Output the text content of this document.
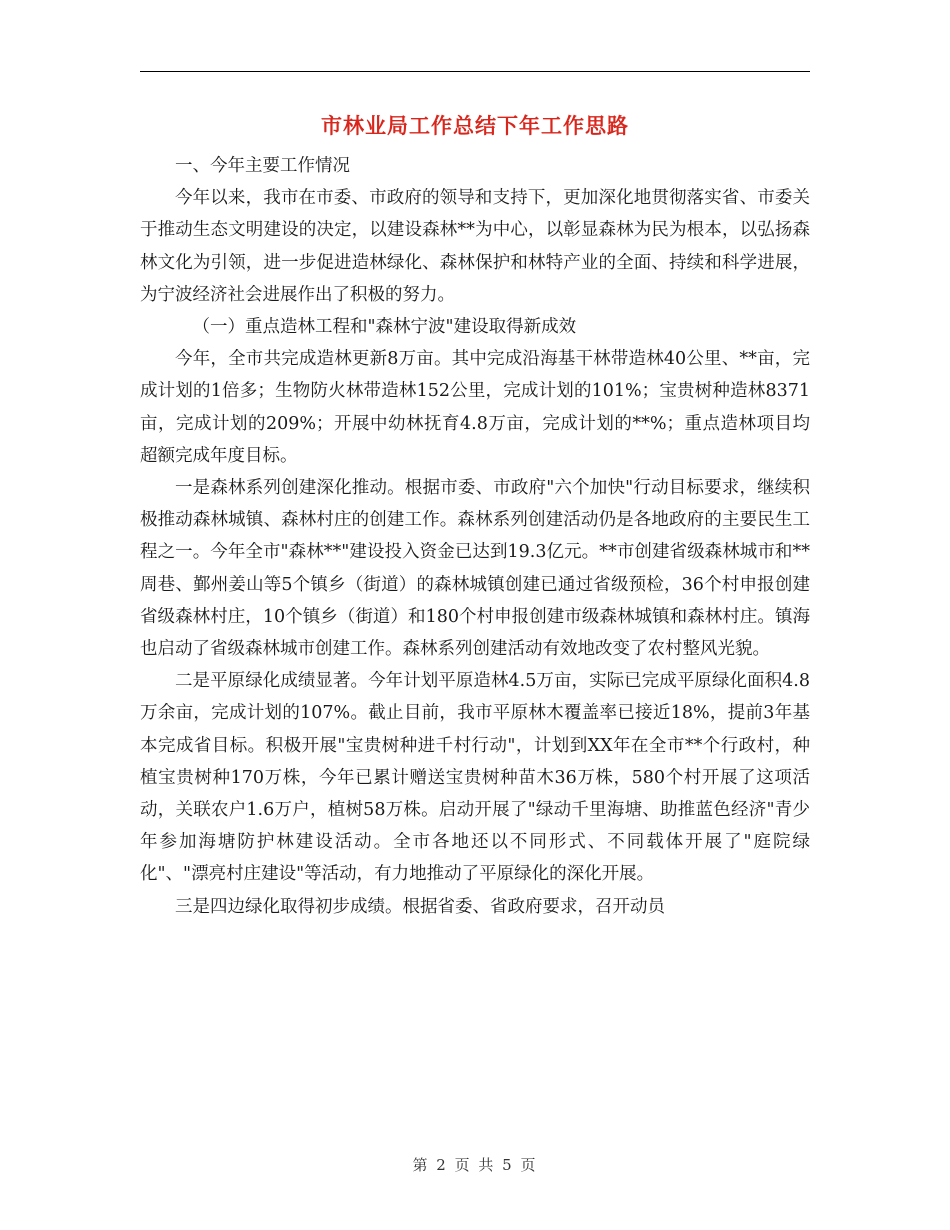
市林业局工作总结下年工作思路

一、今年主要工作情况

今年以来，我市在市委、市政府的领导和支持下，更加深化地贯彻落实省、市委关于推动生态文明建设的决定，以建设森林**为中心，以彰显森林为民为根本，以弘扬森林文化为引领，进一步促进造林绿化、森林保护和林特产业的全面、持续和科学进展，为宁波经济社会进展作出了积极的努力。

（一）重点造林工程和"森林宁波"建设取得新成效

今年，全市共完成造林更新8万亩。其中完成沿海基干林带造林40公里、**亩，完成计划的1倍多；生物防火林带造林152公里，完成计划的101%；宝贵树种造林8371亩，完成计划的209%；开展中幼林抚育4.8万亩，完成计划的**%；重点造林项目均超额完成年度目标。

一是森林系列创建深化推动。根据市委、市政府"六个加快"行动目标要求，继续积极推动森林城镇、森林村庄的创建工作。森林系列创建活动仍是各地政府的主要民生工程之一。今年全市"森林**"建设投入资金已达到19.3亿元。**市创建省级森林城市和**周巷、鄞州姜山等5个镇乡（街道）的森林城镇创建已通过省级预检，36个村申报创建省级森林村庄，10个镇乡（街道）和180个村申报创建市级森林城镇和森林村庄。镇海也启动了省级森林城市创建工作。森林系列创建活动有效地改变了农村整风光貌。

二是平原绿化成绩显著。今年计划平原造林4.5万亩，实际已完成平原绿化面积4.8万余亩，完成计划的107%。截止目前，我市平原林木覆盖率已接近18%，提前3年基本完成省目标。积极开展"宝贵树种进千村行动"，计划到XX年在全市**个行政村，种植宝贵树种170万株，今年已累计赠送宝贵树种苗木36万株，580个村开展了这项活动，关联农户1.6万户，植树58万株。启动开展了"绿动千里海塘、助推蓝色经济"青少年参加海塘防护林建设活动。全市各地还以不同形式、不同载体开展了"庭院绿化"、"漂亮村庄建设"等活动，有力地推动了平原绿化的深化开展。

三是四边绿化取得初步成绩。根据省委、省政府要求，召开动员

第 2 页 共 5 页
